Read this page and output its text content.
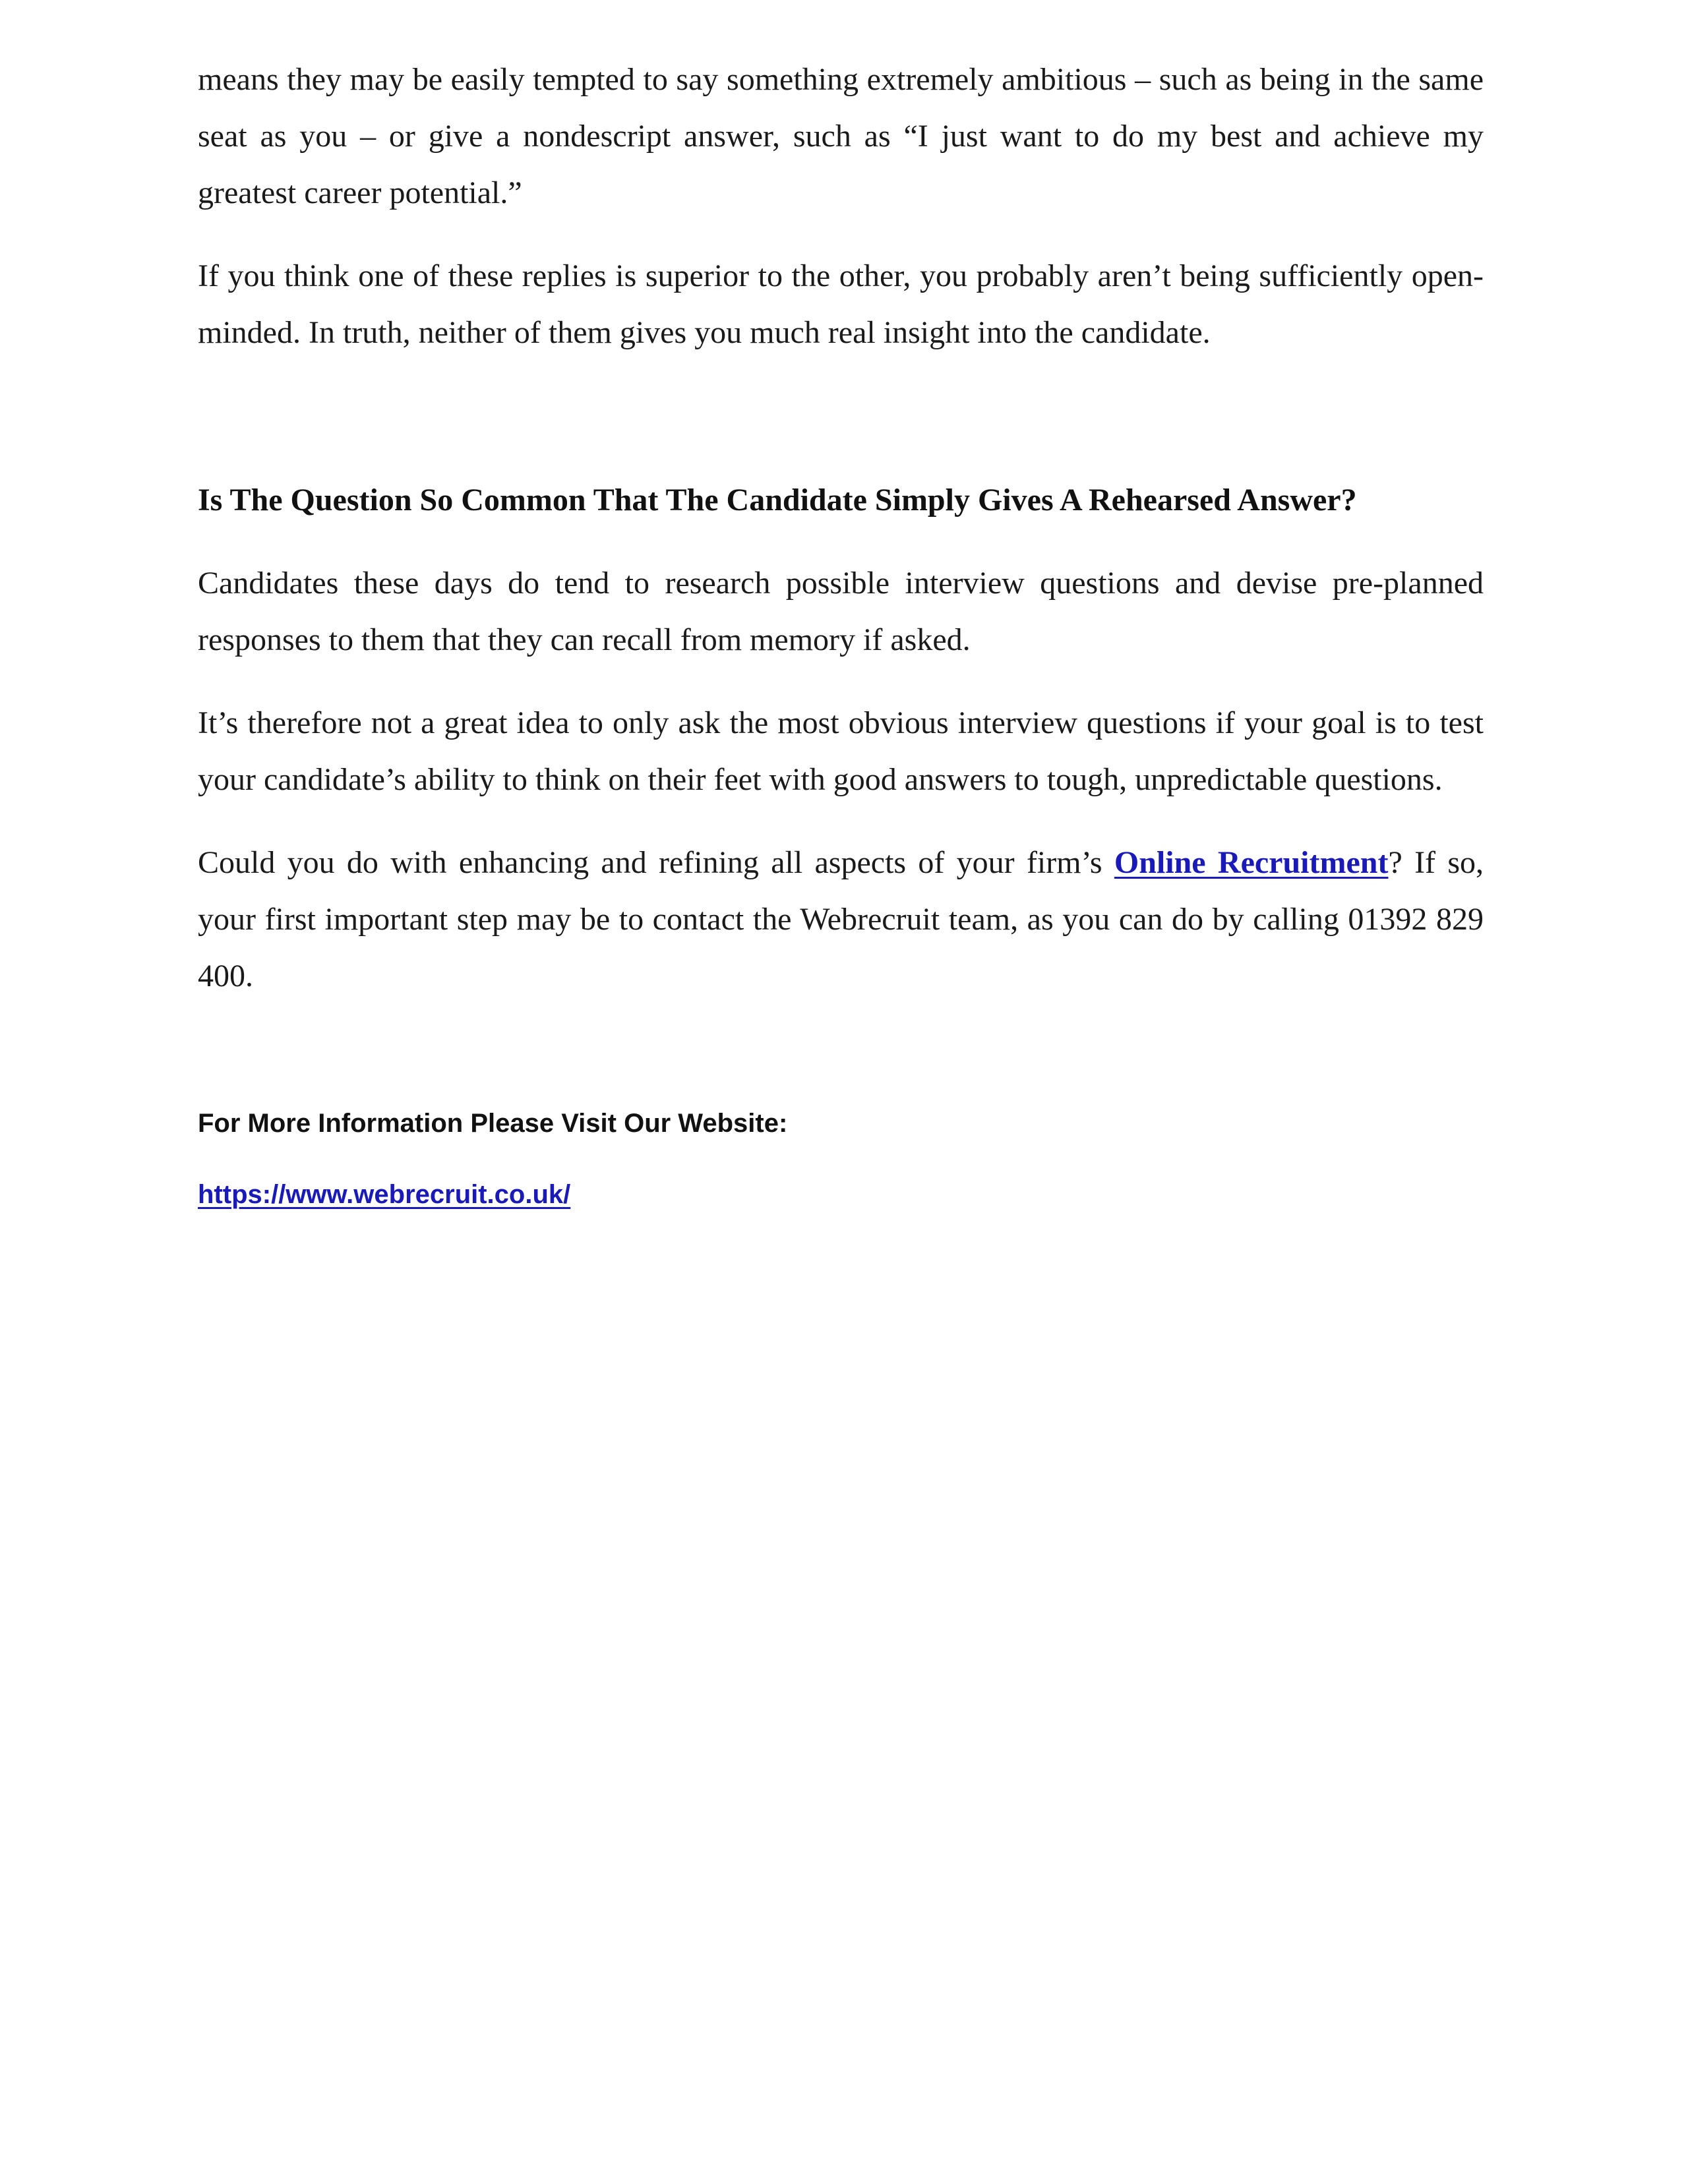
means they may be easily tempted to say something extremely ambitious – such as being in the same seat as you – or give a nondescript answer, such as “I just want to do my best and achieve my greatest career potential.”

If you think one of these replies is superior to the other, you probably aren’t being sufficiently open-minded. In truth, neither of them gives you much real insight into the candidate.

Is The Question So Common That The Candidate Simply Gives A Rehearsed Answer?

Candidates these days do tend to research possible interview questions and devise pre-planned responses to them that they can recall from memory if asked.

It’s therefore not a great idea to only ask the most obvious interview questions if your goal is to test your candidate’s ability to think on their feet with good answers to tough, unpredictable questions.

Could you do with enhancing and refining all aspects of your firm’s Online Recruitment? If so, your first important step may be to contact the Webrecruit team, as you can do by calling 01392 829 400.

For More Information Please Visit Our Website:

https://www.webrecruit.co.uk/
